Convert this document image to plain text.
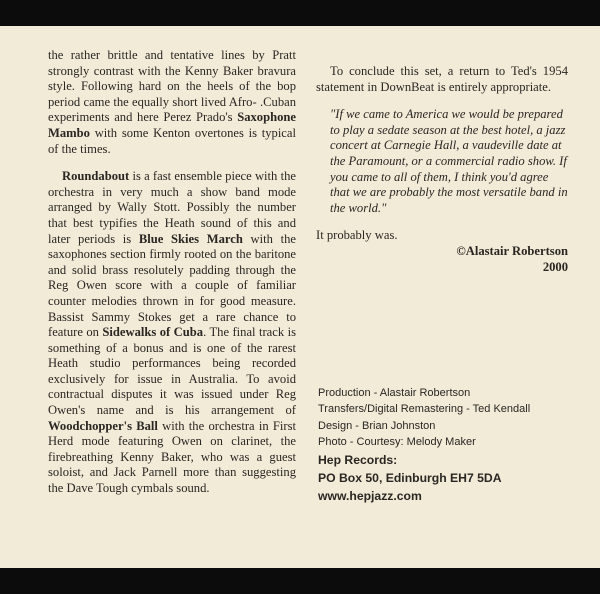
the rather brittle and tentative lines by Pratt strongly contrast with the Kenny Baker bravura style. Following hard on the heels of the bop period came the equally short lived Afro- .Cuban experiments and here Perez Prado's Saxophone Mambo with some Kenton overtones is typical of the times.

Roundabout is a fast ensemble piece with the orchestra in very much a show band mode arranged by Wally Stott. Possibly the number that best typifies the Heath sound of this and later periods is Blue Skies March with the saxophones section firmly rooted on the baritone and solid brass resolutely padding through the Reg Owen score with a couple of familiar counter melodies thrown in for good measure. Bassist Sammy Stokes get a rare chance to feature on Sidewalks of Cuba. The final track is something of a bonus and is one of the rarest Heath studio performances being recorded exclusively for issue in Australia. To avoid contractual disputes it was issued under Reg Owen's name and is his arrangement of Woodchopper's Ball with the orchestra in First Herd mode featuring Owen on clarinet, the firebreathing Kenny Baker, who was a guest soloist, and Jack Parnell more than suggesting the Dave Tough cymbals sound.

To conclude this set, a return to Ted's 1954 statement in DownBeat is entirely appropriate.

"If we came to America we would be prepared to play a sedate season at the best hotel, a jazz concert at Carnegie Hall, a vaudeville date at the Paramount, or a commercial radio show. If you came to all of them, I think you'd agree that we are probably the most versatile band in the world."

It probably was.

©Alastair Robertson

2000

Production - Alastair Robertson
Transfers/Digital Remastering - Ted Kendall
Design - Brian Johnston
Photo - Courtesy: Melody Maker
Hep Records:
PO Box 50, Edinburgh EH7 5DA
www.hepjazz.com
